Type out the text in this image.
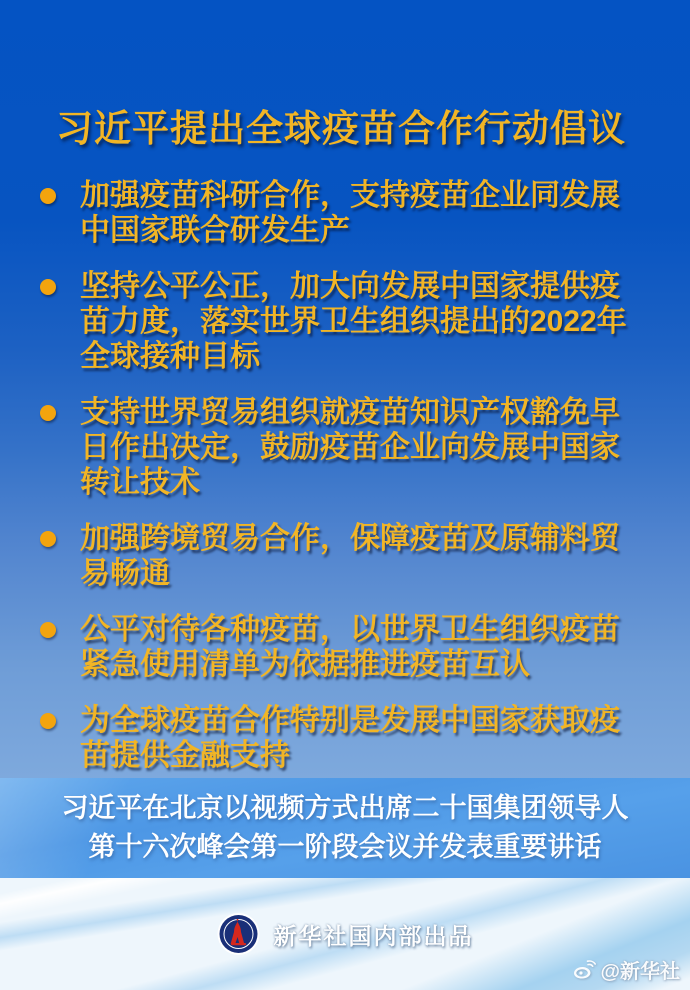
习近平提出全球疫苗合作行动倡议
加强疫苗科研合作，支持疫苗企业同发展中国家联合研发生产
坚持公平公正，加大向发展中国家提供疫苗力度，落实世界卫生组织提出的2022年全球接种目标
支持世界贸易组织就疫苗知识产权豁免早日作出决定，鼓励疫苗企业向发展中国家转让技术
加强跨境贸易合作，保障疫苗及原辅料贸易畅通
公平对待各种疫苗，以世界卫生组织疫苗紧急使用清单为依据推进疫苗互认
为全球疫苗合作特别是发展中国家获取疫苗提供金融支持
习近平在北京以视频方式出席二十国集团领导人
第十六次峰会第一阶段会议并发表重要讲话
新华社国内部出品
@新华社
